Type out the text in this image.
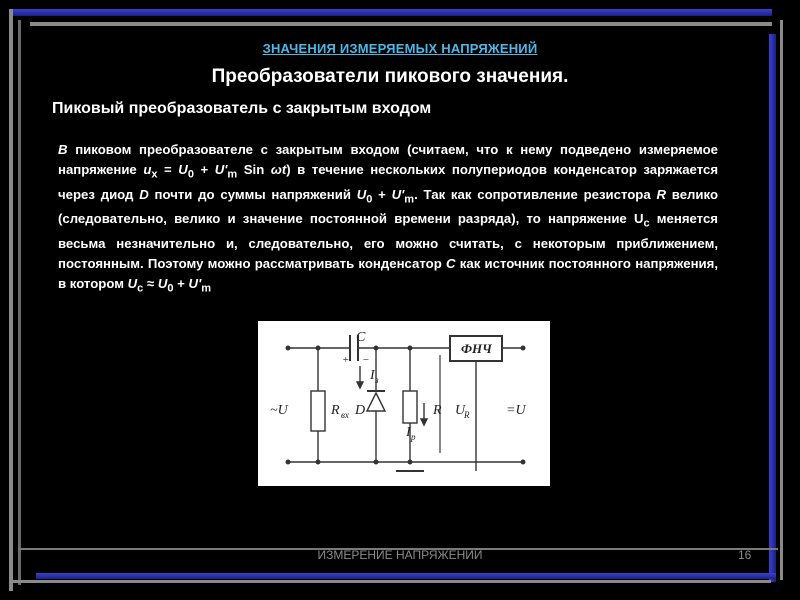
ЗНАЧЕНИЯ ИЗМЕРЯЕМЫХ НАПРЯЖЕНИЙ
Преобразователи пикового значения.
Пиковый преобразователь с закрытым входом
В пиковом преобразователе с закрытым входом (считаем, что к нему подведено измеряемое напряжение $u_x = U_0 + U'_m$ Sin ωt) в течение нескольких полупериодов конденсатор заряжается через диод D почти до суммы напряжений $U_0 + U'_m$. Так как сопротивление резистора R велико (следовательно, велико и значение постоянной времени разряда), то напряжение $U_c$ меняется весьма незначительно и, следовательно, его можно считать, с некоторым приближением, постоянным. Поэтому можно рассматривать конденсатор C как источник постоянного напряжения, в котором $U_c \approx U_0 + U'_m$
C
+ −
I з
I р
~U	R вх D	R U
R	=U
ФНЧ
ИЗМЕРЕНИЕ НАПРЯЖЕНИЙ	16
